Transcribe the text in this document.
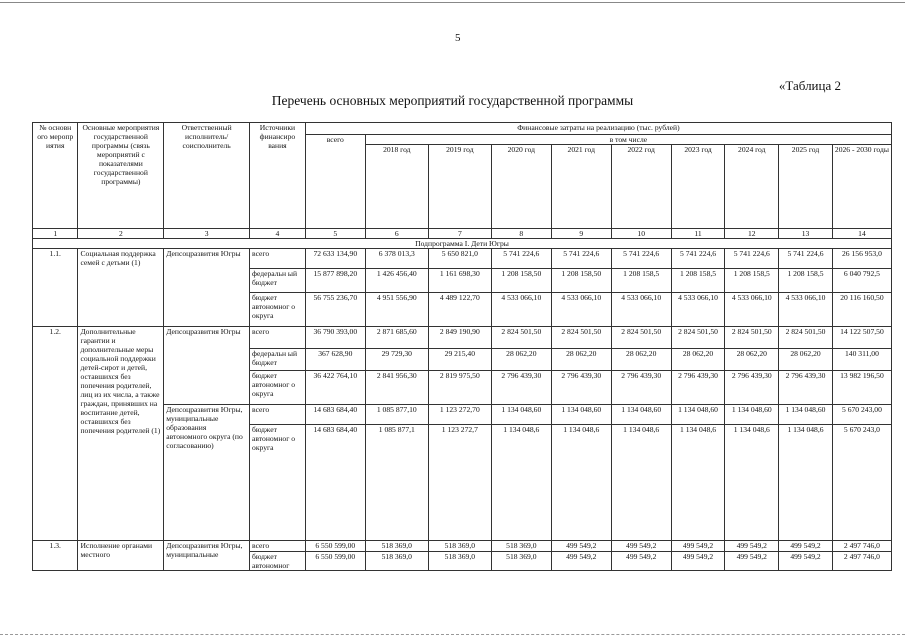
5
«Таблица 2
Перечень основных мероприятий государственной программы
№ основн ого меропр иятия	Основные мероприятия государственной программы (связь мероприятий с показателями государственной программы)	Ответственный исполнитель/соисполнитель	Источники финансиро вания	Финансовые затраты на реализацию (тыс. рублей)									
				всего	в том числе								
					2018 год	2019 год	2020 год	2021 год	2022 год	2023 год	2024 год	2025 год	2026 - 2030 годы
1	2	3	4	5	6	7	8	9	10	11	12	13	14
Подпрограмма I. Дети Югры													
1.1.	Социальная поддержка семей с детьми (1)	Депсоцразвития Югры	всего	72 633 134,90	6 378 013,3	5 650 821,0	5 741 224,6	5 741 224,6	5 741 224,6	5 741 224,6	5 741 224,6	5 741 224,6	26 156 953,0
			федеральн ый бюджет	15 877 898,20	1 426 456,40	1 161 698,30	1 208 158,50	1 208 158,50	1 208 158,5	1 208 158,5	1 208 158,5	1 208 158,5	6 040 792,5
			бюджет автономног о округа	56 755 236,70	4 951 556,90	4 489 122,70	4 533 066,10	4 533 066,10	4 533 066,10	4 533 066,10	4 533 066,10	4 533 066,10	20 116 160,50
1.2.	Дополнительные гарантии и дополнительные меры социальной поддержки детей-сирот и детей, оставшихся без попечения родителей, лиц из их числа, а также граждан, принявших на воспитание детей, оставшихся без попечения родителей (1)	Депсоцразвития Югры	всего	36 790 393,00	2 871 685,60	2 849 190,90	2 824 501,50	2 824 501,50	2 824 501,50	2 824 501,50	2 824 501,50	2 824 501,50	14 122 507,50
			федеральн ый бюджет	367 628,90	29 729,30	29 215,40	28 062,20	28 062,20	28 062,20	28 062,20	28 062,20	28 062,20	140 311,00
			бюджет автономног о округа	36 422 764,10	2 841 956,30	2 819 975,50	2 796 439,30	2 796 439,30	2 796 439,30	2 796 439,30	2 796 439,30	2 796 439,30	13 982 196,50
		Депсоцразвития Югры, муниципальные образования автономного округа (по согласованию)	всего	14 683 684,40	1 085 877,10	1 123 272,70	1 134 048,60	1 134 048,60	1 134 048,60	1 134 048,60	1 134 048,60	1 134 048,60	5 670 243,00
			бюджет автономног о округа	14 683 684,40	1 085 877,1	1 123 272,7	1 134 048,6	1 134 048,6	1 134 048,6	1 134 048,6	1 134 048,6	1 134 048,6	5 670 243,0
1.3.	Исполнение органами местного	Депсоцразвития Югры, муниципальные	всего	6 550 599,00	518 369,0	518 369,0	518 369,0	499 549,2	499 549,2	499 549,2	499 549,2	499 549,2	2 497 746,0
			бюджет автономног	6 550 599,00	518 369,0	518 369,0	518 369,0	499 549,2	499 549,2	499 549,2	499 549,2	499 549,2	2 497 746,0
